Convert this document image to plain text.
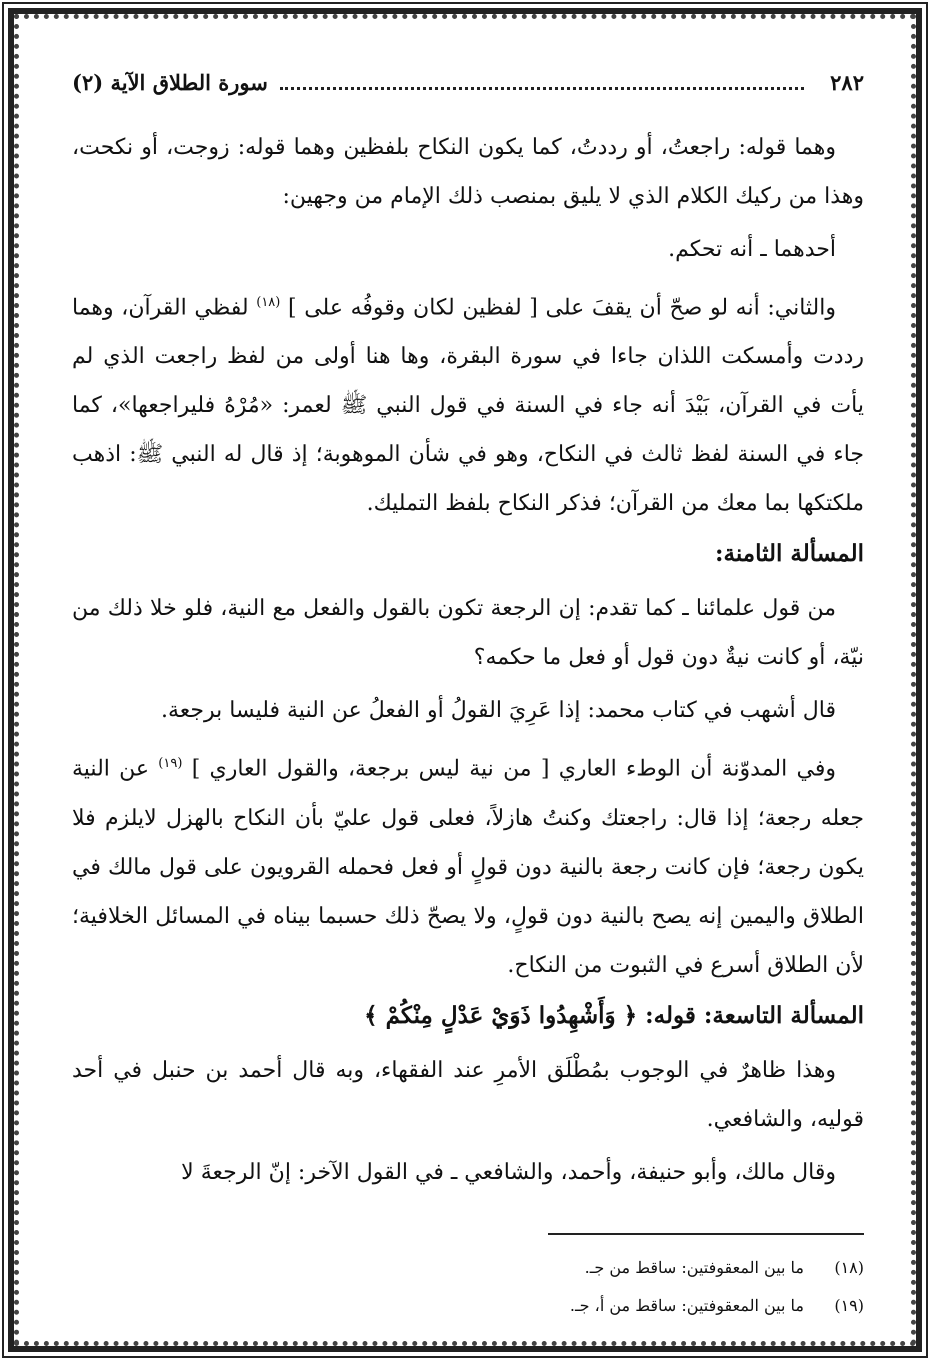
٢٨٢
سورة الطلاق الآية (٢)

وهما قوله: راجعتُ، أو رددتُ، كما يكون النكاح بلفظين وهما قوله: زوجت، أو نكحت، وهذا من ركيك الكلام الذي لا يليق بمنصب ذلك الإمام من وجهين:

أحدهما ـ أنه تحكم.

والثاني: أنه لو صحّ أن يقفَ على [ لفظين لكان وقوفُه على ] $^{(١٨)}$ لفظي القرآن، وهما رددت وأمسكت اللذان جاءا في سورة البقرة، وها هنا أولى من لفظ راجعت الذي لم يأت في القرآن، بَيْدَ أنه جاء في السنة في قول النبي ﷺ لعمر: «مُرْهُ فليراجعها»، كما جاء في السنة لفظ ثالث في النكاح، وهو في شأن الموهوبة؛ إذ قال له النبي ﷺ: اذهب ملكتكها بما معك من القرآن؛ فذكر النكاح بلفظ التمليك.

المسألة الثامنة:

من قول علمائنا ـ كما تقدم: إن الرجعة تكون بالقول والفعل مع النية، فلو خلا ذلك من نيّة، أو كانت نيةٌ دون قول أو فعل ما حكمه؟

قال أشهب في كتاب محمد: إذا عَرِيَ القولُ أو الفعلُ عن النية فليسا برجعة.

وفي المدوّنة أن الوطء العاري [ من نية ليس برجعة، والقول العاري ] $^{(١٩)}$ عن النية جعله رجعة؛ إذا قال: راجعتك وكنتُ هازلاً، فعلى قول عليّ بأن النكاح بالهزل لايلزم فلا يكون رجعة؛ فإن كانت رجعة بالنية دون قولٍ أو فعل فحمله القرويون على قول مالك في الطلاق واليمين إنه يصح بالنية دون قولٍ، ولا يصحّ ذلك حسبما بيناه في المسائل الخلافية؛ لأن الطلاق أسرع في الثبوت من النكاح.

المسألة التاسعة: قوله: ﴿ وَأَشْهِدُوا ذَوَيْ عَدْلٍ مِنْكُمْ ﴾

وهذا ظاهرٌ في الوجوب بمُطْلَق الأمرِ عند الفقهاء، وبه قال أحمد بن حنبل في أحد قوليه، والشافعي.

وقال مالك، وأبو حنيفة، وأحمد، والشافعي ـ في القول الآخر: إنّ الرجعةَ لا

(١٨)
ما بين المعقوفتين: ساقط من جـ.
(١٩)
ما بين المعقوفتين: ساقط من أ، جـ.
